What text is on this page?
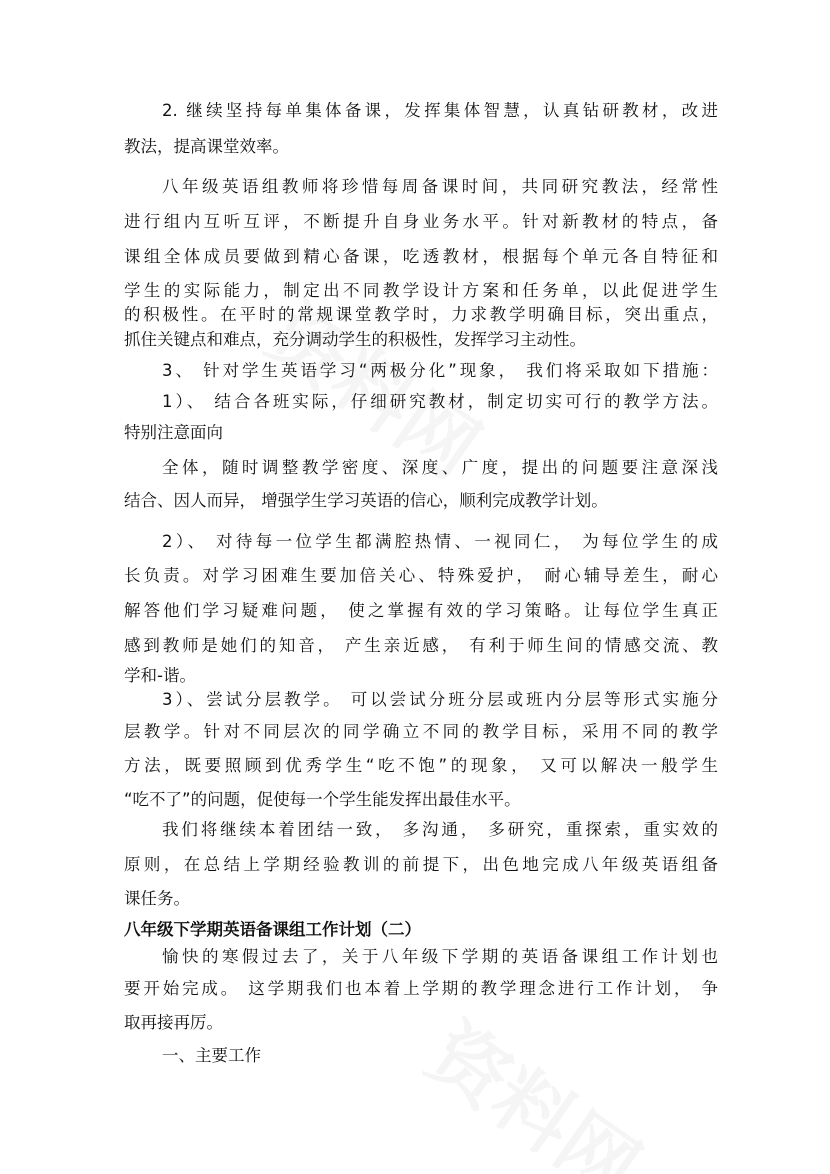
2. 继续坚持每单集体备课，发挥集体智慧，认真钻研教材，改进
教法，提高课堂效率。
八年级英语组教师将珍惜每周备课时间，共同研究教法，经常性
进行组内互听互评，不断提升自身业务水平。针对新教材的特点，备
课组全体成员要做到精心备课，吃透教材，根据每个单元各自特征和
学生的实际能力，制定出不同教学设计方案和任务单，以此促进学生
的积极性。在平时的常规课堂教学时，力求教学明确目标，突出重点，
抓住关键点和难点，充分调动学生的积极性，发挥学习主动性。
3、 针对学生英语学习“两极分化”现象， 我们将采取如下措施：
1）、 结合各班实际，仔细研究教材，制定切实可行的教学方法。
特别注意面向
全体，随时调整教学密度、深度、广度，提出的问题要注意深浅
结合、因人而异， 增强学生学习英语的信心，顺利完成教学计划。
2）、 对待每一位学生都满腔热情、一视同仁， 为每位学生的成
长负责。对学习困难生要加倍关心、特殊爱护， 耐心辅导差生，耐心
解答他们学习疑难问题， 使之掌握有效的学习策略。让每位学生真正
感到教师是她们的知音， 产生亲近感， 有利于师生间的情感交流、教
学和-谐。
3）、尝试分层教学。 可以尝试分班分层或班内分层等形式实施分
层教学。针对不同层次的同学确立不同的教学目标，采用不同的教学
方法，既要照顾到优秀学生“吃不饱”的现象， 又可以解决一般学生
“吃不了”的问题，促使每一个学生能发挥出最佳水平。
我们将继续本着团结一致， 多沟通， 多研究，重探索，重实效的
原则，在总结上学期经验教训的前提下，出色地完成八年级英语组备
课任务。
八年级下学期英语备课组工作计划（二）
愉快的寒假过去了，关于八年级下学期的英语备课组工作计划也
要开始完成。 这学期我们也本着上学期的教学理念进行工作计划， 争
取再接再厉。
一、主要工作
